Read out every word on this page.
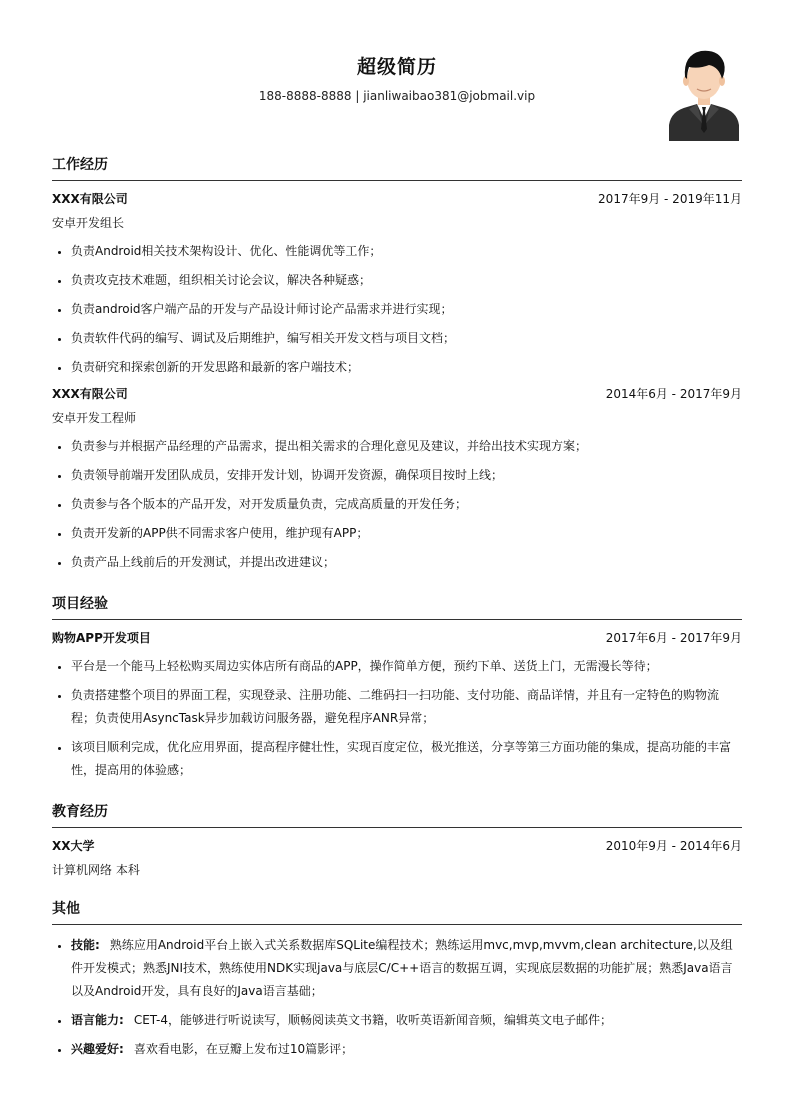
超级简历
188-8888-8888 | jianliwaibao381@jobmail.vip
工作经历
XXX有限公司	2017年9月 - 2019年11月
安卓开发组长
• 负责Android相关技术架构设计、优化、性能调优等工作；
• 负责攻克技术难题，组织相关讨论会议，解决各种疑惑；
• 负责android客户端产品的开发与产品设计师讨论产品需求并进行实现；
• 负责软件代码的编写、调试及后期维护，编写相关开发文档与项目文档；
• 负责研究和探索创新的开发思路和最新的客户端技术；
XXX有限公司	2014年6月 - 2017年9月
安卓开发工程师
• 负责参与并根据产品经理的产品需求，提出相关需求的合理化意见及建议，并给出技术实现方案；
• 负责领导前端开发团队成员，安排开发计划，协调开发资源，确保项目按时上线；
• 负责参与各个版本的产品开发，对开发质量负责，完成高质量的开发任务；
• 负责开发新的APP供不同需求客户使用，维护现有APP；
• 负责产品上线前后的开发测试，并提出改进建议；
项目经验
购物APP开发项目	2017年6月 - 2017年9月
• 平台是一个能马上轻松购买周边实体店所有商品的APP，操作简单方便，预约下单、送货上门，无需漫长等待；
• 负责搭建整个项目的界面工程，实现登录、注册功能、二维码扫一扫功能、支付功能、商品详情，并且有一定特色的购物流程；负责使用AsyncTask异步加载访问服务器，避免程序ANR异常；
• 该项目顺利完成，优化应用界面，提高程序健壮性，实现百度定位，极光推送，分享等第三方面功能的集成，提高功能的丰富性，提高用的体验感；
教育经历
XX大学	2010年9月 - 2014年6月
计算机网络 本科
其他
• 技能: 熟练应用Android平台上嵌入式关系数据库SQLite编程技术；熟练运用mvc,mvp,mvvm,clean architecture,以及组件开发模式；熟悉JNI技术，熟练使用NDK实现java与底层C/C++语言的数据互调，实现底层数据的功能扩展；熟悉Java语言以及Android开发，具有良好的Java语言基础；
• 语言能力: CET-4，能够进行听说读写，顺畅阅读英文书籍，收听英语新闻音频，编辑英文电子邮件；
• 兴趣爱好: 喜欢看电影，在豆瓣上发布过10篇影评；
